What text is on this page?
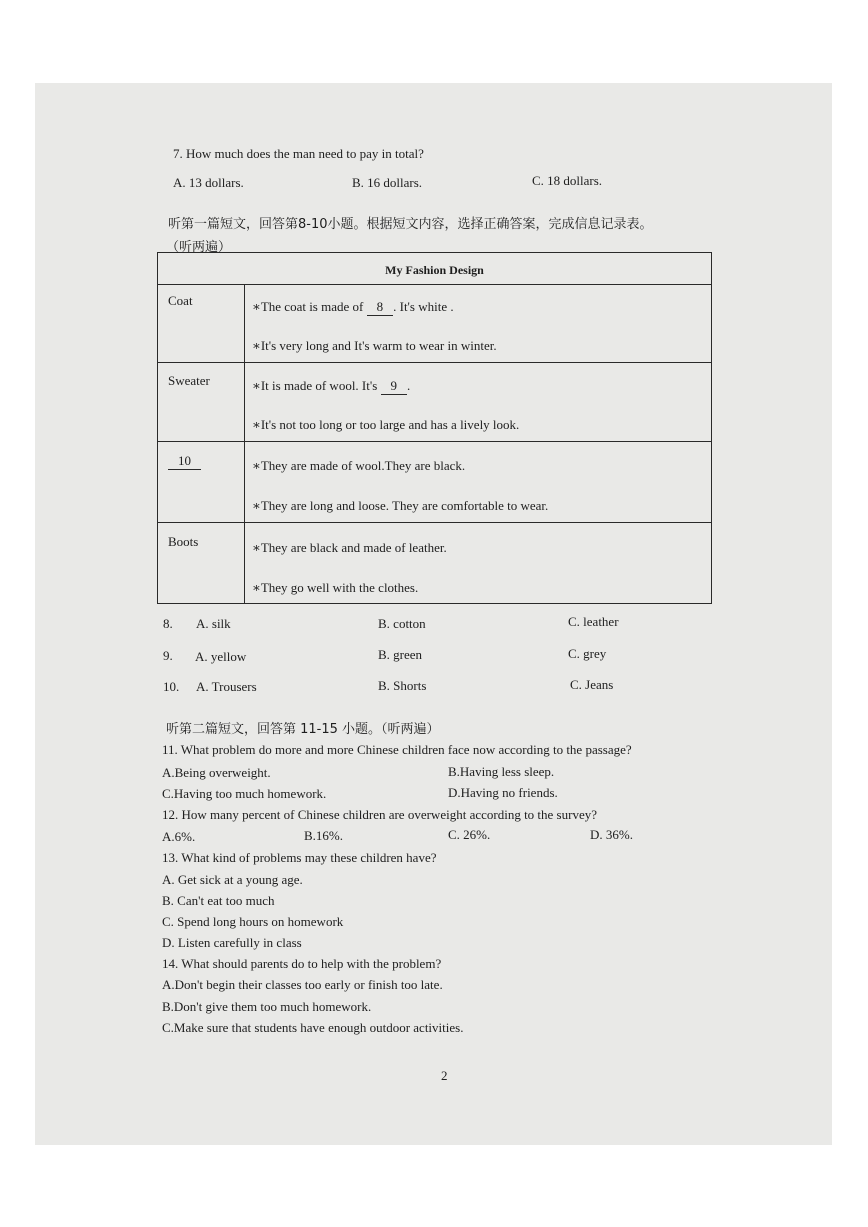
7. How much does the man need to pay in total?
A. 13 dollars.	B. 16 dollars.	C. 18 dollars.
听第一篇短文，回答第8-10小题。根据短文内容，选择正确答案，完成信息记录表。
（听两遍）
My Fashion Design
Coat	∗The coat is made of 8 . It's white .
∗It's very long and It's warm to wear in winter.
Sweater	∗It is made of wool. It's 9 .
∗It's not too long or too large and has a lively look.
10	∗They are made of wool.They are black.
∗They are long and loose. They are comfortable to wear.
Boots	∗They are black and made of leather.
∗They go well with the clothes.
8. A. silk	B. cotton	C. leather
9. A. yellow	B. green	C. grey
10. A. Trousers	B. Shorts	C. Jeans
听第二篇短文，回答第 11-15 小题。（听两遍）
11. What problem do more and more Chinese children face now according to the passage?
A.Being overweight.	B.Having less sleep.
C.Having too much homework.	D.Having no friends.
12. How many percent of Chinese children are overweight according to the survey?
A.6%.	B.16%.	C. 26%.	D. 36%.
13. What kind of problems may these children have?
A. Get sick at a young age.
B. Can't eat too much
C. Spend long hours on homework
D. Listen carefully in class
14. What should parents do to help with the problem?
A.Don't begin their classes too early or finish too late.
B.Don't give them too much homework.
C.Make sure that students have enough outdoor activities.
2
